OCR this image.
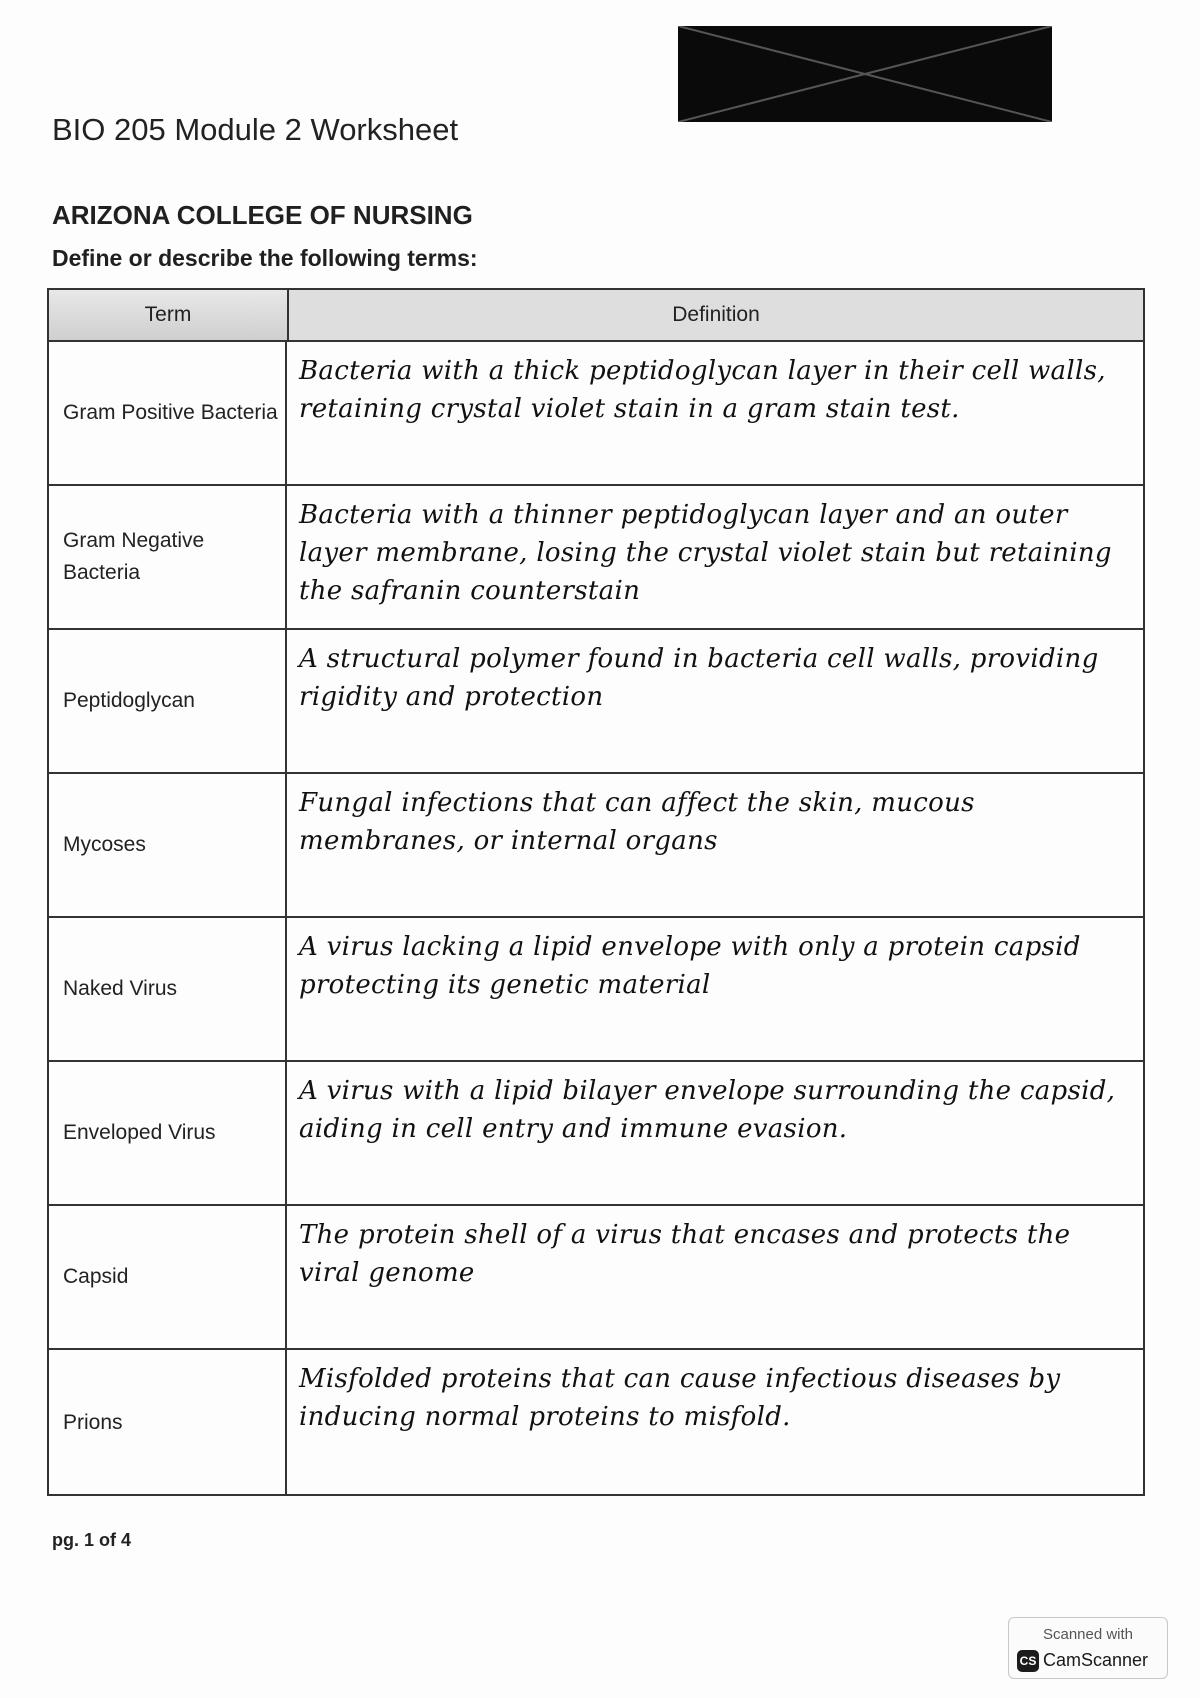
BIO 205 Module 2 Worksheet
ARIZONA COLLEGE OF NURSING
Define or describe the following terms:
Term	Definition
Gram Positive Bacteria
Bacteria with a thick peptidoglycan layer in their cell walls, retaining crystal violet stain in a gram stain test.
Gram Negative Bacteria
Bacteria with a thinner peptidoglycan layer and an outer layer membrane, losing the crystal violet stain but retaining the safranin counterstain
Peptidoglycan
A structural polymer found in bacteria cell walls, providing rigidity and protection
Mycoses
Fungal infections that can affect the skin, mucous membranes, or internal organs
Naked Virus
A virus lacking a lipid envelope with only a protein capsid protecting its genetic material
Enveloped Virus
A virus with a lipid bilayer envelope surrounding the capsid, aiding in cell entry and immune evasion.
Capsid
The protein shell of a virus that encases and protects the viral genome
Prions
Misfolded proteins that can cause infectious diseases by inducing normal proteins to misfold.
pg. 1 of 4
Scanned with
CS CamScanner
